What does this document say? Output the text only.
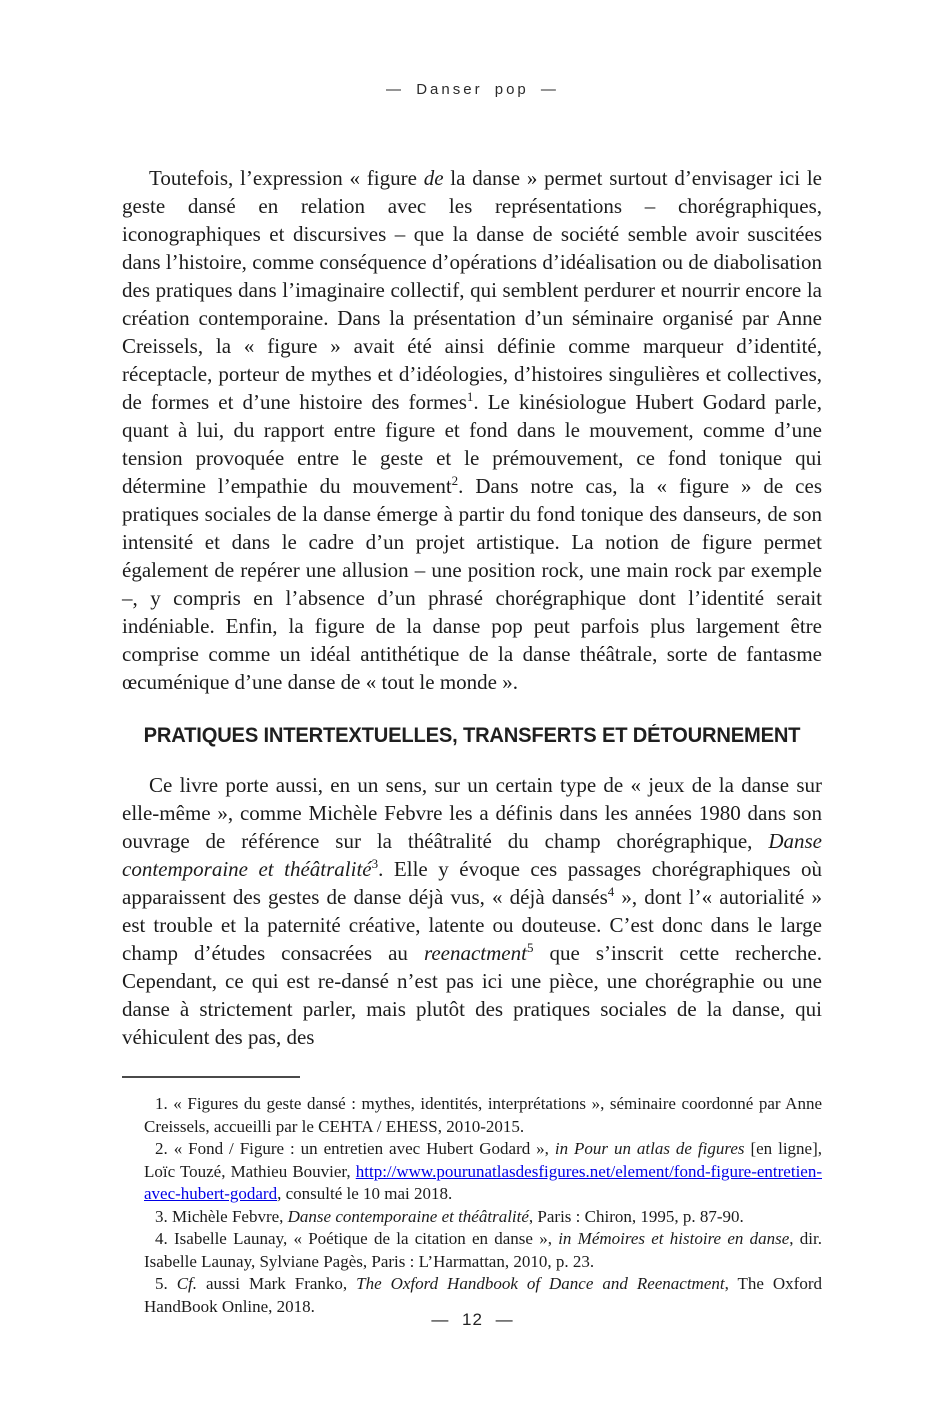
— Danser pop —

Toutefois, l’expression « figure de la danse » permet surtout d’envisager ici le geste dansé en relation avec les représentations – chorégraphiques, iconographiques et discursives – que la danse de société semble avoir suscitées dans l’histoire, comme conséquence d’opérations d’idéalisation ou de diabolisation des pratiques dans l’imaginaire collectif, qui semblent perdurer et nourrir encore la création contemporaine. Dans la présentation d’un séminaire organisé par Anne Creissels, la « figure » avait été ainsi définie comme marqueur d’identité, réceptacle, porteur de mythes et d’idéologies, d’histoires singulières et collectives, de formes et d’une histoire des formes$^1$. Le kinésiologue Hubert Godard parle, quant à lui, du rapport entre figure et fond dans le mouvement, comme d’une tension provoquée entre le geste et le prémouvement, ce fond tonique qui détermine l’empathie du mouvement$^2$. Dans notre cas, la « figure » de ces pratiques sociales de la danse émerge à partir du fond tonique des danseurs, de son intensité et dans le cadre d’un projet artistique. La notion de figure permet également de repérer une allusion – une position rock, une main rock par exemple –, y compris en l’absence d’un phrasé chorégraphique dont l’identité serait indéniable. Enfin, la figure de la danse pop peut parfois plus largement être comprise comme un idéal antithétique de la danse théâtrale, sorte de fantasme œcuménique d’une danse de « tout le monde ».

PRATIQUES INTERTEXTUELLES, TRANSFERTS ET DÉTOURNEMENT

Ce livre porte aussi, en un sens, sur un certain type de « jeux de la danse sur elle-même », comme Michèle Febvre les a définis dans les années 1980 dans son ouvrage de référence sur la théâtralité du champ chorégraphique, Danse contemporaine et théâtralité$^3$. Elle y évoque ces passages chorégraphiques où apparaissent des gestes de danse déjà vus, « déjà dansés$^4$ », dont l’« autorialité » est trouble et la paternité créative, latente ou douteuse. C’est donc dans le large champ d’études consacrées au reenactment$^5$ que s’inscrit cette recherche. Cependant, ce qui est re-dansé n’est pas ici une pièce, une chorégraphie ou une danse à strictement parler, mais plutôt des pratiques sociales de la danse, qui véhiculent des pas, des

1. « Figures du geste dansé : mythes, identités, interprétations », séminaire coordonné par Anne Creissels, accueilli par le CEHTA / EHESS, 2010-2015.

2. « Fond / Figure : un entretien avec Hubert Godard », in Pour un atlas de figures [en ligne], Loïc Touzé, Mathieu Bouvier, http://www.pourunatlasdesfigures.net/element/fond-figure-entretien-avec-hubert-godard, consulté le 10 mai 2018.

3. Michèle Febvre, Danse contemporaine et théâtralité, Paris : Chiron, 1995, p. 87-90.

4. Isabelle Launay, « Poétique de la citation en danse », in Mémoires et histoire en danse, dir. Isabelle Launay, Sylviane Pagès, Paris : L’Harmattan, 2010, p. 23.

5. Cf. aussi Mark Franko, The Oxford Handbook of Dance and Reenactment, The Oxford HandBook Online, 2018.

— 12 —
